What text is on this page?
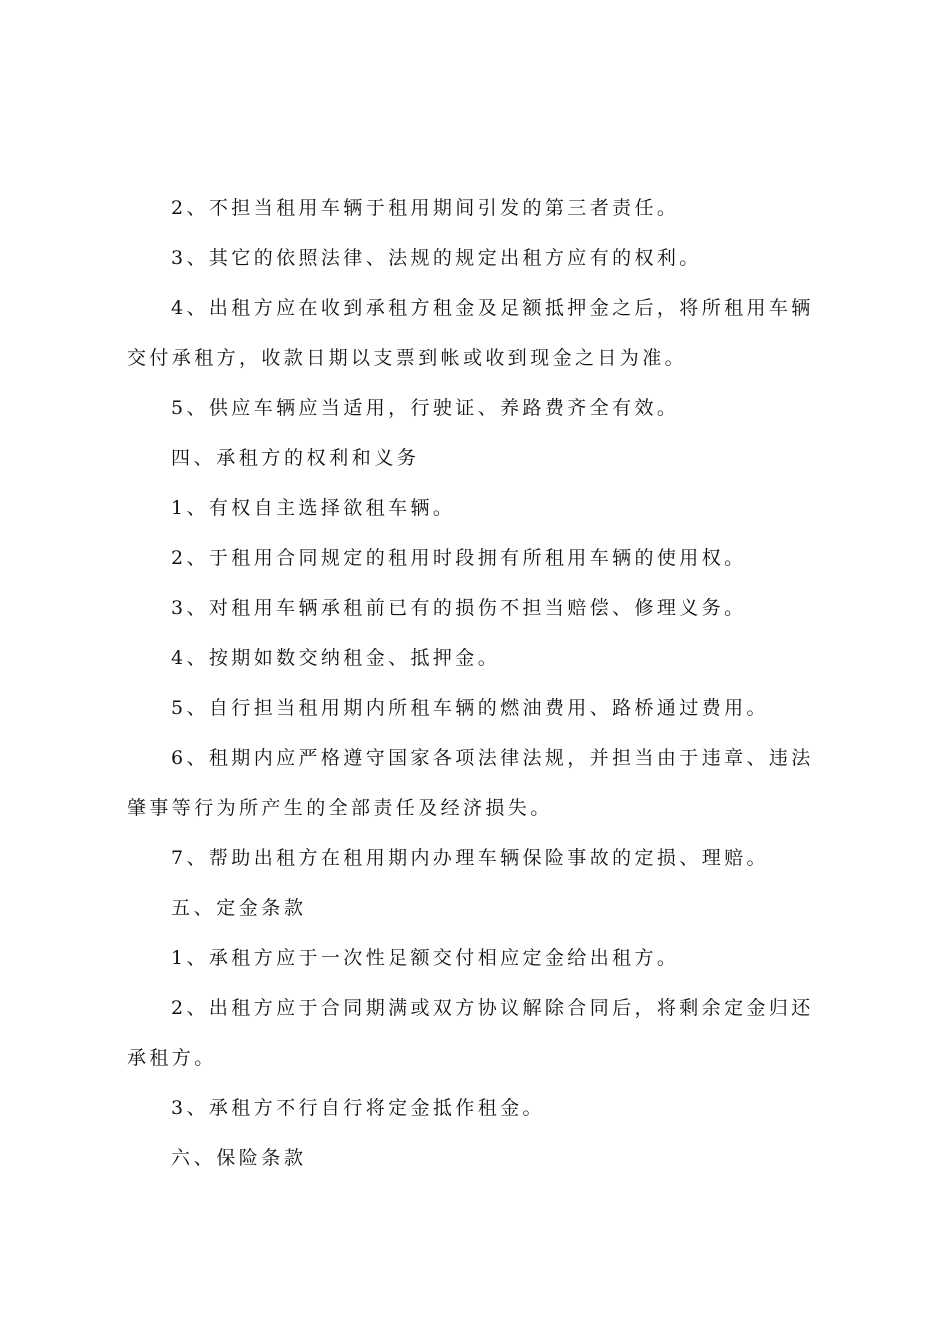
2、不担当租用车辆于租用期间引发的第三者责任。

3、其它的依照法律、法规的规定出租方应有的权利。

4、出租方应在收到承租方租金及足额抵押金之后，将所租用车辆交付承租方，收款日期以支票到帐或收到现金之日为准。

5、供应车辆应当适用，行驶证、养路费齐全有效。

四、承租方的权利和义务

1、有权自主选择欲租车辆。

2、于租用合同规定的租用时段拥有所租用车辆的使用权。

3、对租用车辆承租前已有的损伤不担当赔偿、修理义务。

4、按期如数交纳租金、抵押金。

5、自行担当租用期内所租车辆的燃油费用、路桥通过费用。

6、租期内应严格遵守国家各项法律法规，并担当由于违章、违法肇事等行为所产生的全部责任及经济损失。

7、帮助出租方在租用期内办理车辆保险事故的定损、理赔。

五、定金条款

1、承租方应于一次性足额交付相应定金给出租方。

2、出租方应于合同期满或双方协议解除合同后，将剩余定金归还承租方。

3、承租方不行自行将定金抵作租金。

六、保险条款
